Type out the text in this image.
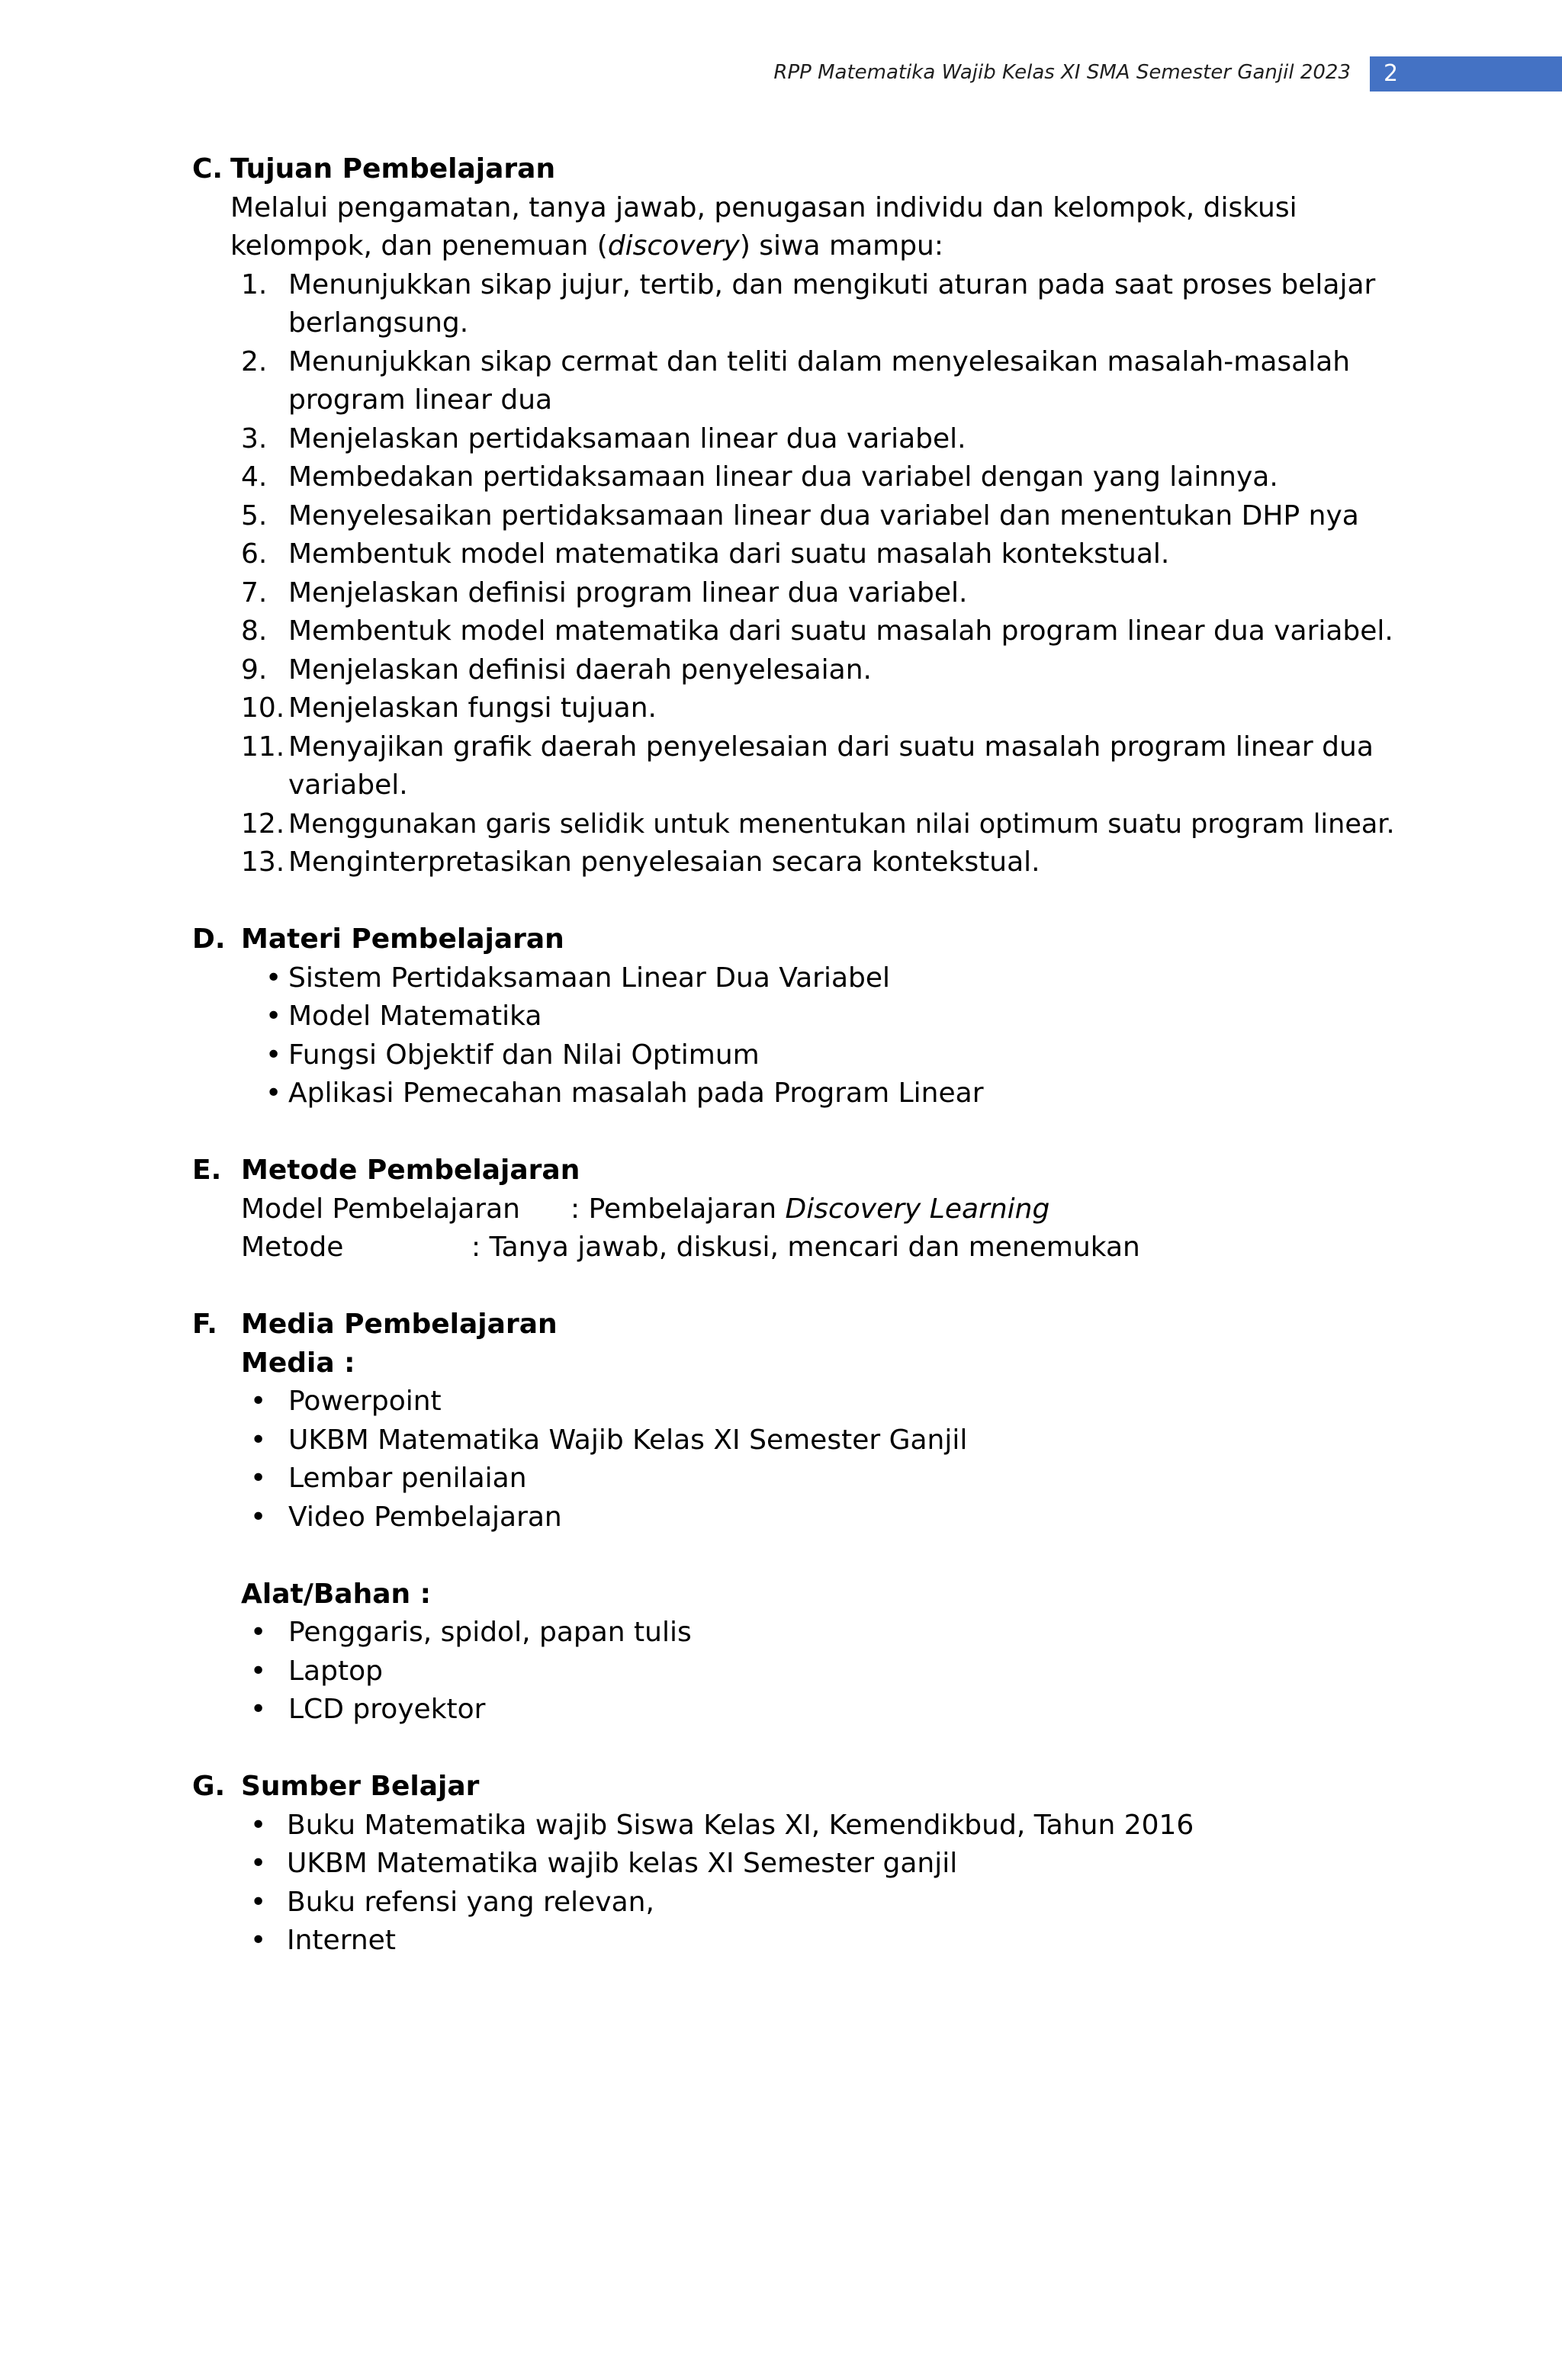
RPP Matematika Wajib Kelas XI SMA Semester Ganjil 2023 2
C. Tujuan Pembelajaran
Melalui pengamatan, tanya jawab, penugasan individu dan kelompok, diskusi
kelompok, dan penemuan (discovery) siwa mampu:
1. Menunjukkan sikap jujur, tertib, dan mengikuti aturan pada saat proses belajar
berlangsung.
2. Menunjukkan sikap cermat dan teliti dalam menyelesaikan masalah-masalah
program linear dua
3. Menjelaskan pertidaksamaan linear dua variabel.
4. Membedakan pertidaksamaan linear dua variabel dengan yang lainnya.
5. Menyelesaikan pertidaksamaan linear dua variabel dan menentukan DHP nya
6. Membentuk model matematika dari suatu masalah kontekstual.
7. Menjelaskan definisi program linear dua variabel.
8. Membentuk model matematika dari suatu masalah program linear dua variabel.
9. Menjelaskan definisi daerah penyelesaian.
10. Menjelaskan fungsi tujuan.
11. Menyajikan grafik daerah penyelesaian dari suatu masalah program linear dua
variabel.
12. Menggunakan garis selidik untuk menentukan nilai optimum suatu program linear.
13. Menginterpretasikan penyelesaian secara kontekstual.
D. Materi Pembelajaran
• Sistem Pertidaksamaan Linear Dua Variabel
• Model Matematika
• Fungsi Objektif dan Nilai Optimum
• Aplikasi Pemecahan masalah pada Program Linear
E. Metode Pembelajaran
Model Pembelajaran : Pembelajaran Discovery Learning
Metode	: Tanya jawab, diskusi, mencari dan menemukan
F. Media Pembelajaran
Media :
• Powerpoint
• UKBM Matematika Wajib Kelas XI Semester Ganjil
• Lembar penilaian
• Video Pembelajaran
Alat/Bahan :
• Penggaris, spidol, papan tulis
• Laptop
• LCD proyektor
G. Sumber Belajar
• Buku Matematika wajib Siswa Kelas XI, Kemendikbud, Tahun 2016
• UKBM Matematika wajib kelas XI Semester ganjil
• Buku refensi yang relevan,
• Internet
